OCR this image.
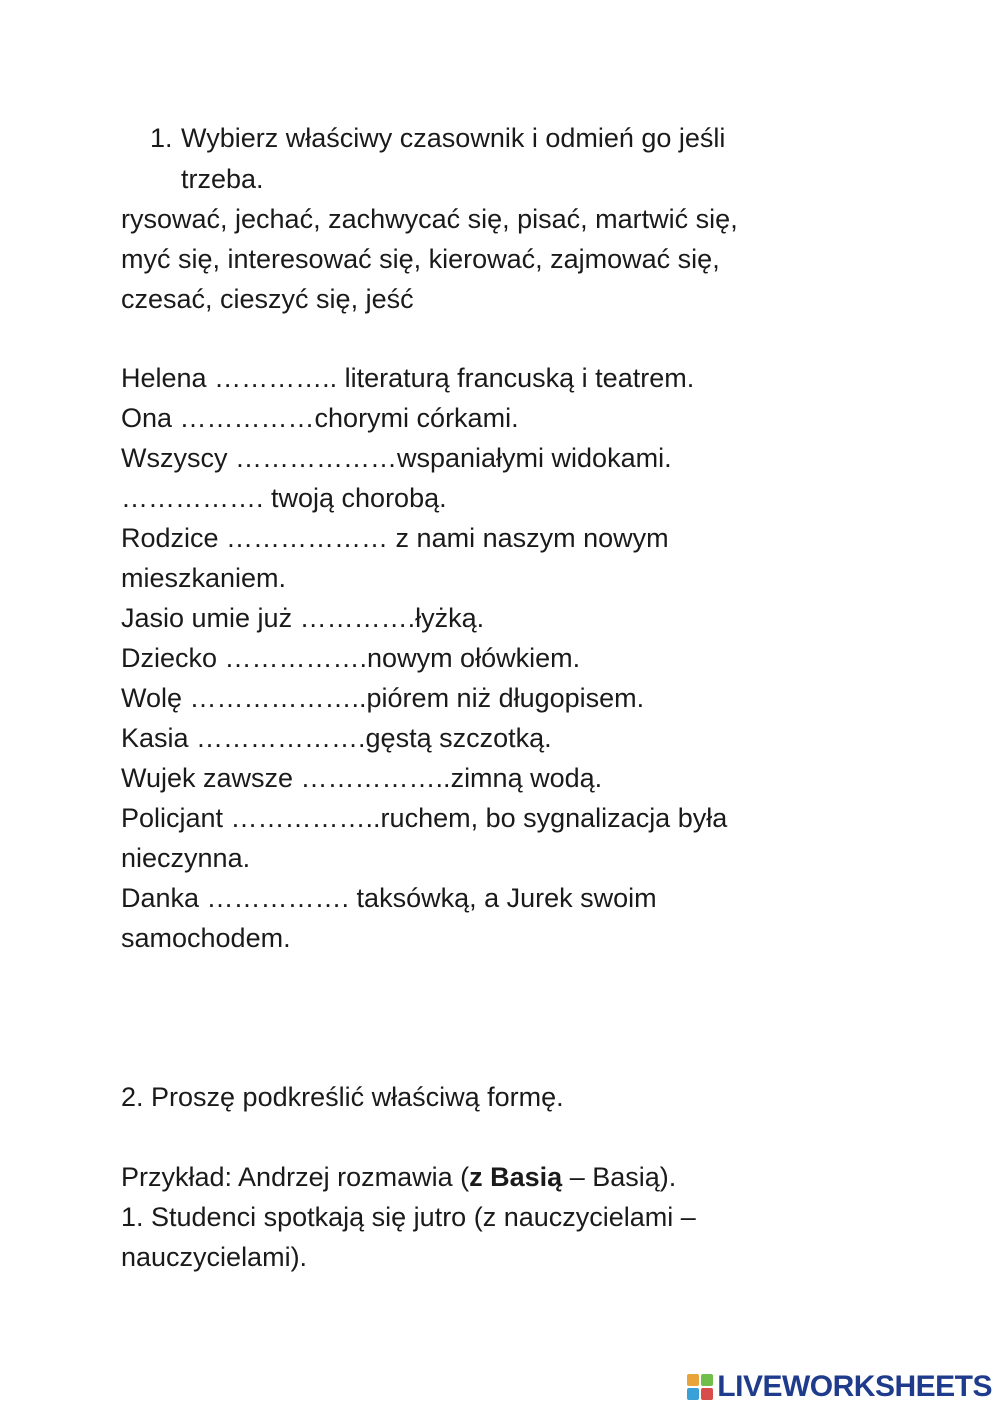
1. Wybierz właściwy czasownik i odmień go jeśli
trzeba.
rysować, jechać, zachwycać się, pisać, martwić się,
myć się, interesować się, kierować, zajmować się,
czesać, cieszyć się, jeść
Helena ………….. literaturą francuską i teatrem.
Ona ……………chorymi córkami.
Wszyscy ………………wspaniałymi widokami.
……………. twoją chorobą.
Rodzice ……………… z nami naszym nowym
mieszkaniem.
Jasio umie już ………….łyżką.
Dziecko …………….nowym ołówkiem.
Wolę ………………..piórem niż długopisem.
Kasia ……………….gęstą szczotką.
Wujek zawsze ……………..zimną wodą.
Policjant ……………..ruchem, bo sygnalizacja była
nieczynna.
Danka ……………. taksówką, a Jurek swoim
samochodem.
2. Proszę podkreślić właściwą formę.
Przykład: Andrzej rozmawia (z Basią – Basią).
1. Studenci spotkają się jutro (z nauczycielami –
nauczycielami).
LIVEWORKSHEETS
